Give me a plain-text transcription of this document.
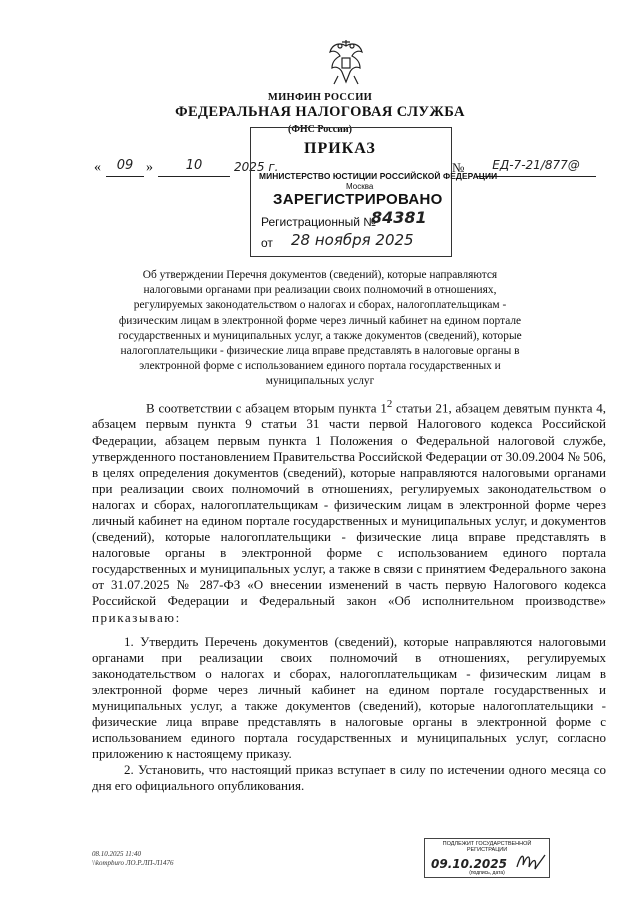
МИНФИН РОССИИ
ФЕДЕРАЛЬНАЯ НАЛОГОВАЯ СЛУЖБА
(ФНС России)
ПРИКАЗ
«	09 »	10	2025 г.	№	ЕД-7-21/877@
МИНИСТЕРСТВО ЮСТИЦИИ РОССИЙСКОЙ ФЕДЕРАЦИИ
Москва
ЗАРЕГИСТРИРОВАНО
Регистрационный №
84381
от 28 ноября 2025
Об утверждении Перечня документов (сведений), которые направляются налоговыми органами при реализации своих полномочий в отношениях, регулируемых законодательством о налогах и сборах, налогоплательщикам - физическим лицам в электронной форме через личный кабинет на едином портале государственных и муниципальных услуг, а также документов (сведений), которые налогоплательщики - физические лица вправе представлять в налоговые органы в электронной форме с использованием единого портала государственных и муниципальных услуг

В соответствии с абзацем вторым пункта $1^2$ статьи 21, абзацем девятым пункта 4, абзацем первым пункта 9 статьи 31 части первой Налогового кодекса Российской Федерации, абзацем первым пункта 1 Положения о Федеральной налоговой службе, утвержденного постановлением Правительства Российской Федерации от 30.09.2004 № 506, в целях определения документов (сведений), которые направляются налоговыми органами при реализации своих полномочий в отношениях, регулируемых законодательством о налогах и сборах, налогоплательщикам - физическим лицам в электронной форме через личный кабинет на едином портале государственных и муниципальных услуг, и документов (сведений), которые налогоплательщики - физические лица вправе представлять в налоговые органы в электронной форме с использованием единого портала государственных и муниципальных услуг, а также в связи с принятием Федерального закона от 31.07.2025 № 287-ФЗ «О внесении изменений в часть первую Налогового кодекса Российской Федерации и Федеральный закон «Об исполнительном производстве» приказываю:

1. Утвердить Перечень документов (сведений), которые направляются налоговыми органами при реализации своих полномочий в отношениях, регулируемых законодательством о налогах и сборах, налогоплательщикам - физическим лицам в электронной форме через личный кабинет на едином портале государственных и муниципальных услуг, а также документов (сведений), которые налогоплательщики - физические лица вправе представлять в налоговые органы в электронной форме с использованием единого портала государственных и муниципальных услуг, согласно приложению к настоящему приказу.

2. Установить, что настоящий приказ вступает в силу по истечении одного месяца со дня его официального опубликования.

08.10.2025 11:40
\\kompburo ЛО.Р.ЛП-Л1476
ПОДЛЕЖИТ ГОСУДАРСТВЕННОЙ РЕГИСТРАЦИИ
09.10.2025
(подпись, дата)
